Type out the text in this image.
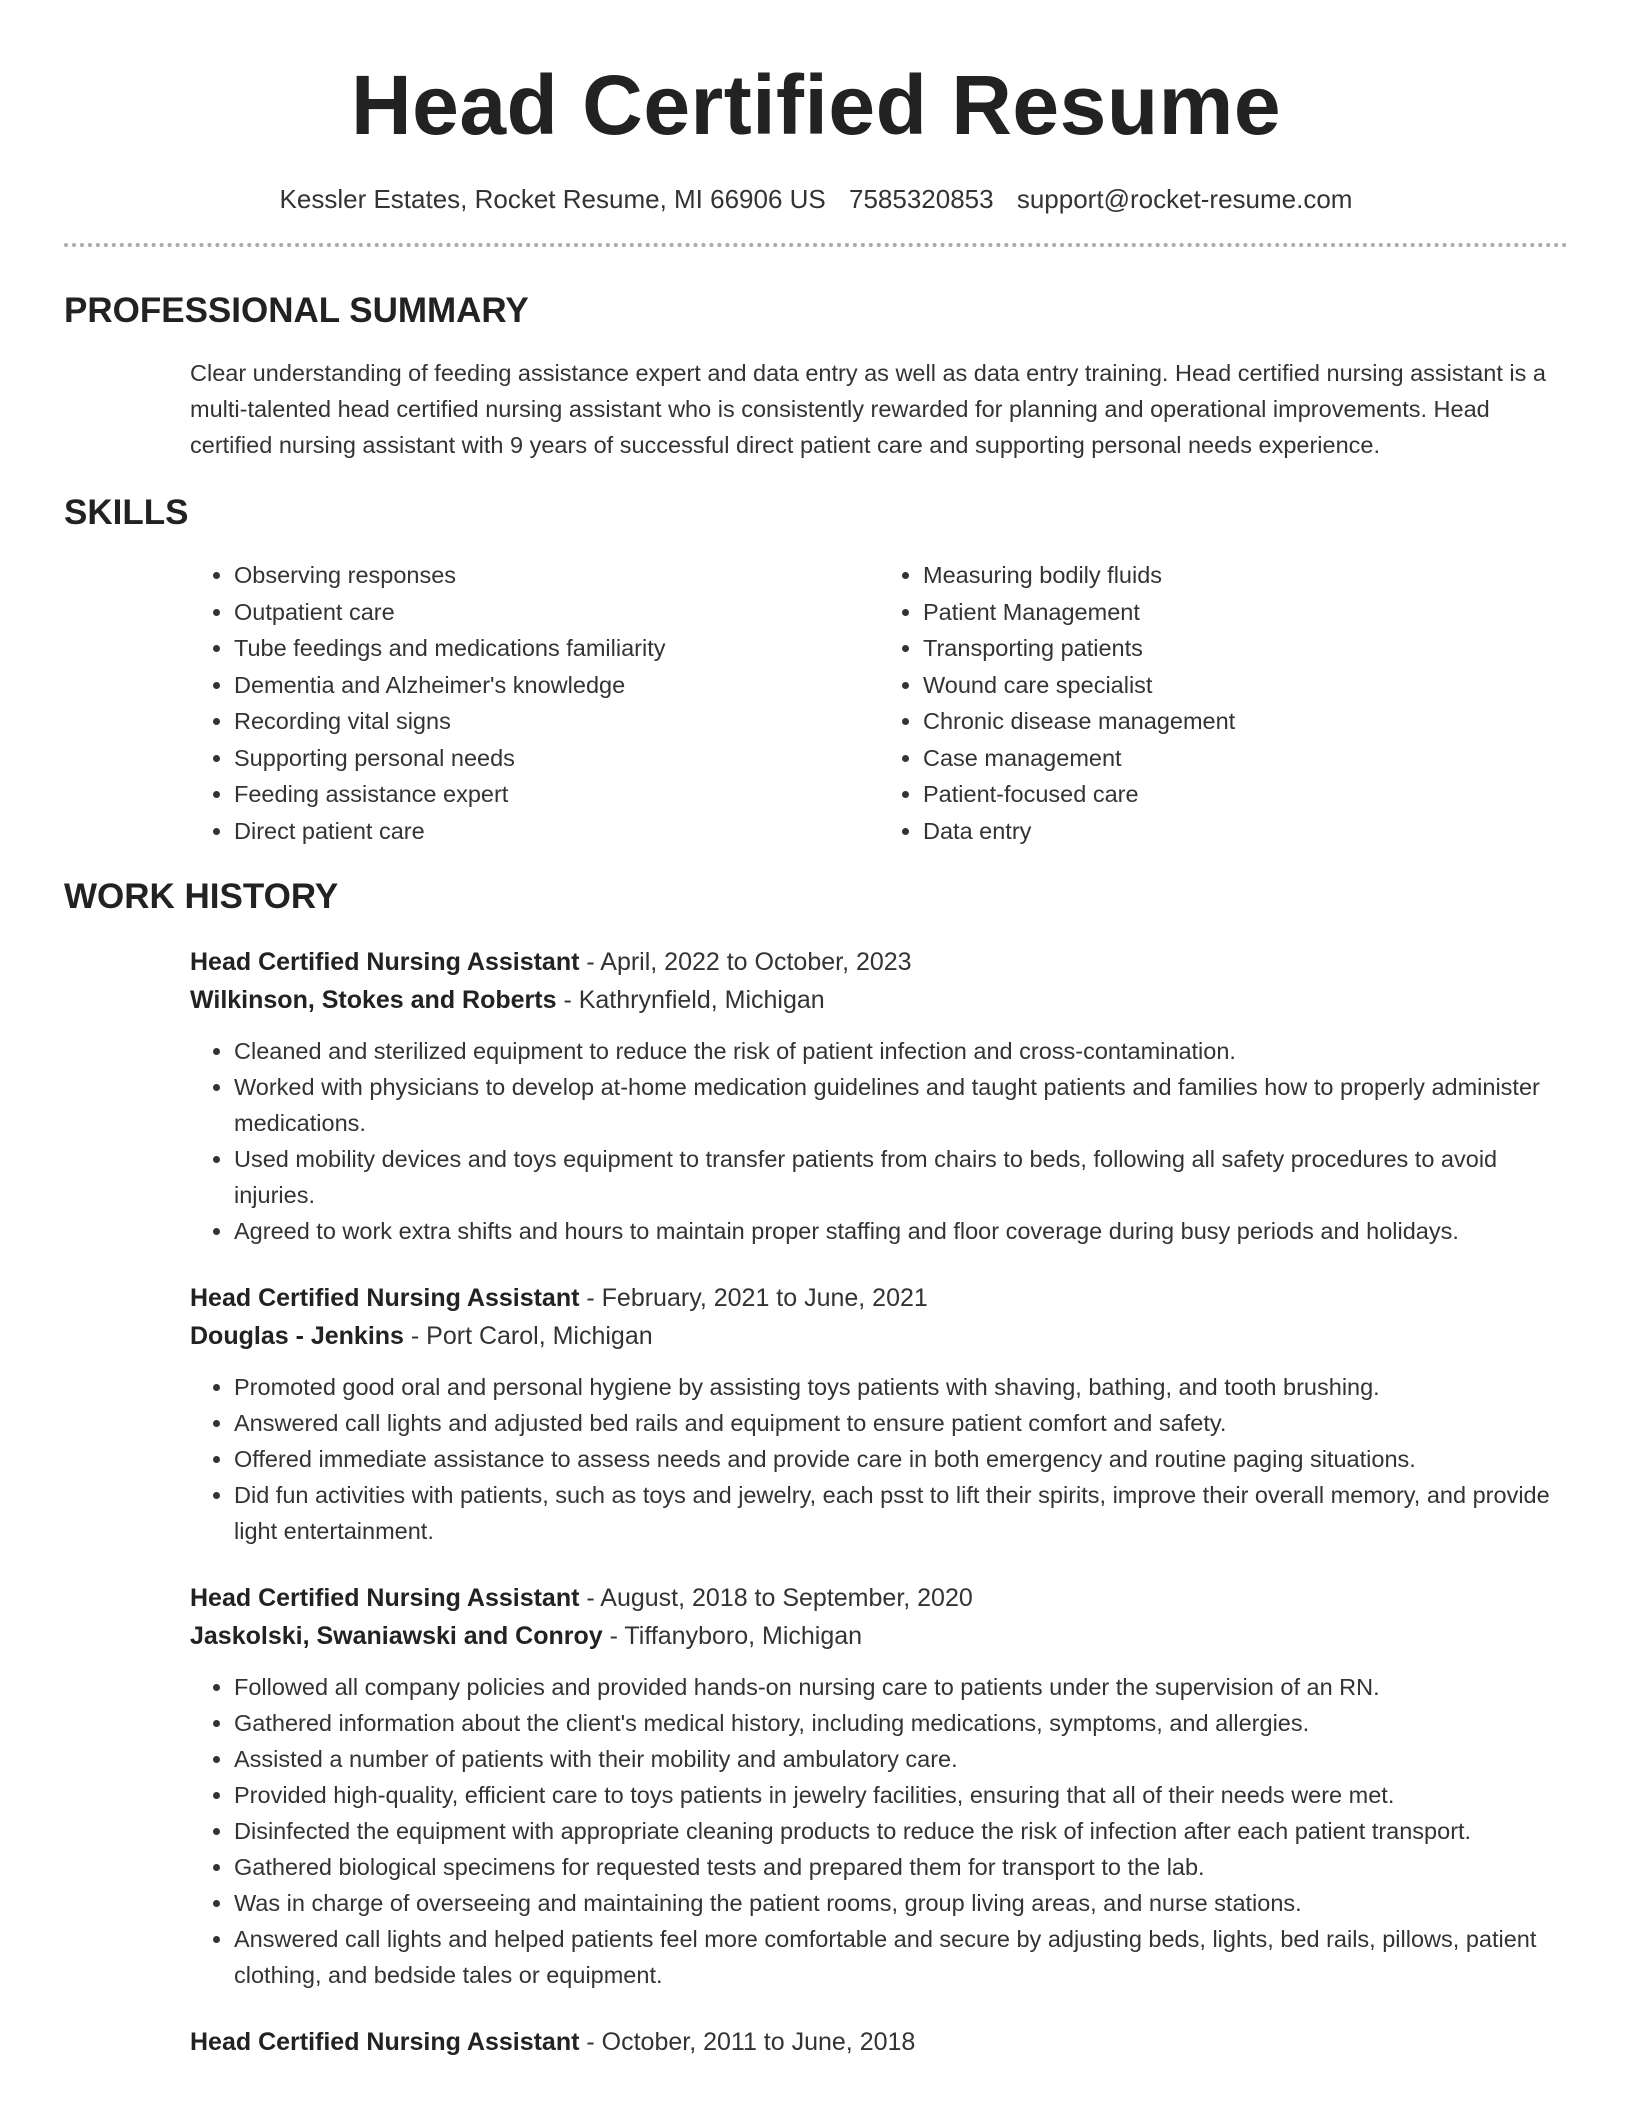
Head Certified Resume
Kessler Estates, Rocket Resume, MI 66906 US 7585320853 support@rocket-resume.com
PROFESSIONAL SUMMARY

Clear understanding of feeding assistance expert and data entry as well as data entry training. Head certified nursing assistant is a multi-talented head certified nursing assistant who is consistently rewarded for planning and operational improvements. Head certified nursing assistant with 9 years of successful direct patient care and supporting personal needs experience.

SKILLS
• Observing responses
• Outpatient care
• Tube feedings and medications familiarity
• Dementia and Alzheimer's knowledge
• Recording vital signs
• Supporting personal needs
• Feeding assistance expert
• Direct patient care
• Measuring bodily fluids
• Patient Management
• Transporting patients
• Wound care specialist
• Chronic disease management
• Case management
• Patient-focused care
• Data entry
WORK HISTORY
Head Certified Nursing Assistant - April, 2022 to October, 2023
Wilkinson, Stokes and Roberts - Kathrynfield, Michigan
• Cleaned and sterilized equipment to reduce the risk of patient infection and cross-contamination.
• Worked with physicians to develop at-home medication guidelines and taught patients and families how to properly administer medications.
• Used mobility devices and toys equipment to transfer patients from chairs to beds, following all safety procedures to avoid injuries.
• Agreed to work extra shifts and hours to maintain proper staffing and floor coverage during busy periods and holidays.
Head Certified Nursing Assistant - February, 2021 to June, 2021
Douglas - Jenkins - Port Carol, Michigan
• Promoted good oral and personal hygiene by assisting toys patients with shaving, bathing, and tooth brushing.
• Answered call lights and adjusted bed rails and equipment to ensure patient comfort and safety.
• Offered immediate assistance to assess needs and provide care in both emergency and routine paging situations.
• Did fun activities with patients, such as toys and jewelry, each psst to lift their spirits, improve their overall memory, and provide light entertainment.
Head Certified Nursing Assistant - August, 2018 to September, 2020
Jaskolski, Swaniawski and Conroy - Tiffanyboro, Michigan
• Followed all company policies and provided hands-on nursing care to patients under the supervision of an RN.
• Gathered information about the client's medical history, including medications, symptoms, and allergies.
• Assisted a number of patients with their mobility and ambulatory care.
• Provided high-quality, efficient care to toys patients in jewelry facilities, ensuring that all of their needs were met.
• Disinfected the equipment with appropriate cleaning products to reduce the risk of infection after each patient transport.
• Gathered biological specimens for requested tests and prepared them for transport to the lab.
• Was in charge of overseeing and maintaining the patient rooms, group living areas, and nurse stations.
• Answered call lights and helped patients feel more comfortable and secure by adjusting beds, lights, bed rails, pillows, patient clothing, and bedside tales or equipment.
Head Certified Nursing Assistant - October, 2011 to June, 2018
